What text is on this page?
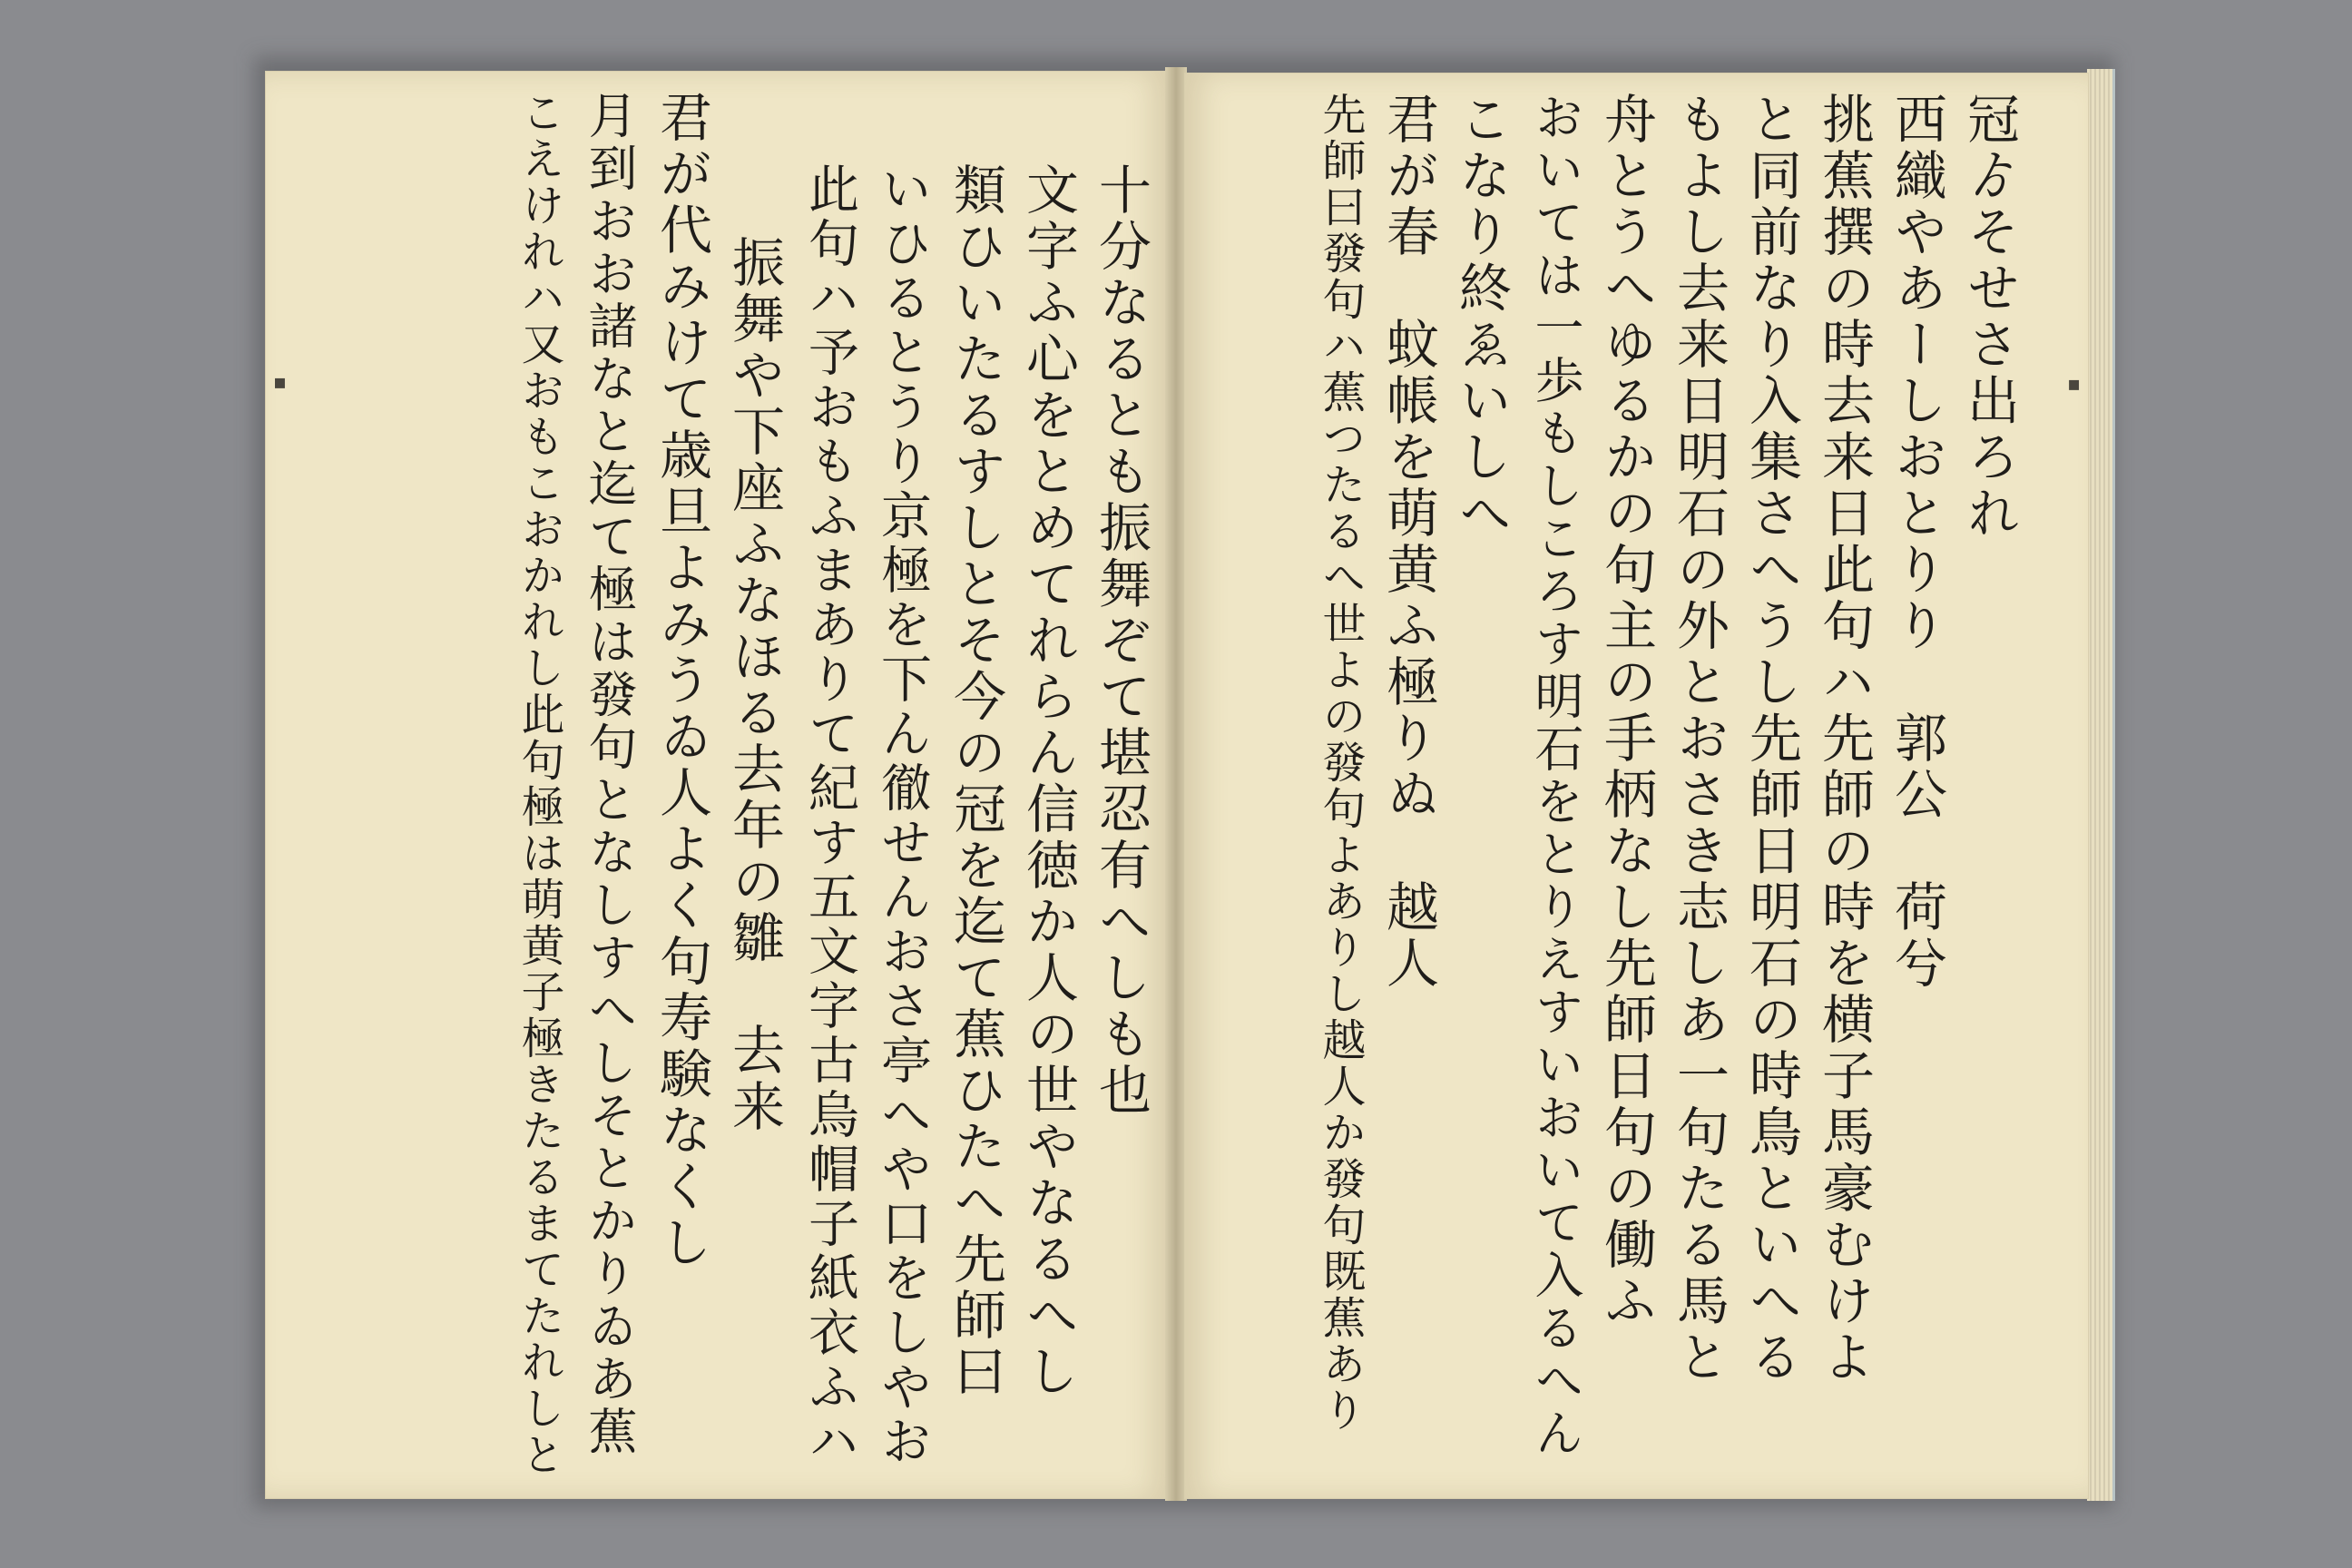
▪	こえけれハ又おもこおかれし此句極は萌黄子極きたるまてたれしと 月到おお諸なと迄て極は發句となしすへしそとかりゐあ蕉 君が代みけて歳旦よみうゐ人よく句寿験なくし 振舞や下座ふなほる去年の雛　去来 此句ハ予おもふまありて紀す五文字古烏帽子紙衣ふハ いひるとうり京極を下ん徹せんおさ亭へや口をしやお 類ひいたるすしとそ今の冠を迄て蕉ひたへ先師曰 文字ふ心をとめてれらん信徳か人の世やなるへし 十分なるとも振舞ぞて堪忍有へしも也	▪
冠ゟそせさ出ろれ
西織やあーしおとりり　郭公　荷兮
挑蕉撰の時去来日此句ハ先師の時を横子馬豪むけよ
と同前なり入集さへうし先師日明石の時鳥といへる
もよし去来日明石の外とおさき志しあ一句たる馬と
舟とうへゆるかの句主の手柄なし先師日句の働ふ
おいては一歩もしころす明石をとりえすいおいて入るへん
こなり終ゑいしへ
君が春　蚊帳を萌黄ふ極りぬ　越人
先師曰發句ハ蕉つたるへ世よの發句よありし越人か發句既蕉あり
